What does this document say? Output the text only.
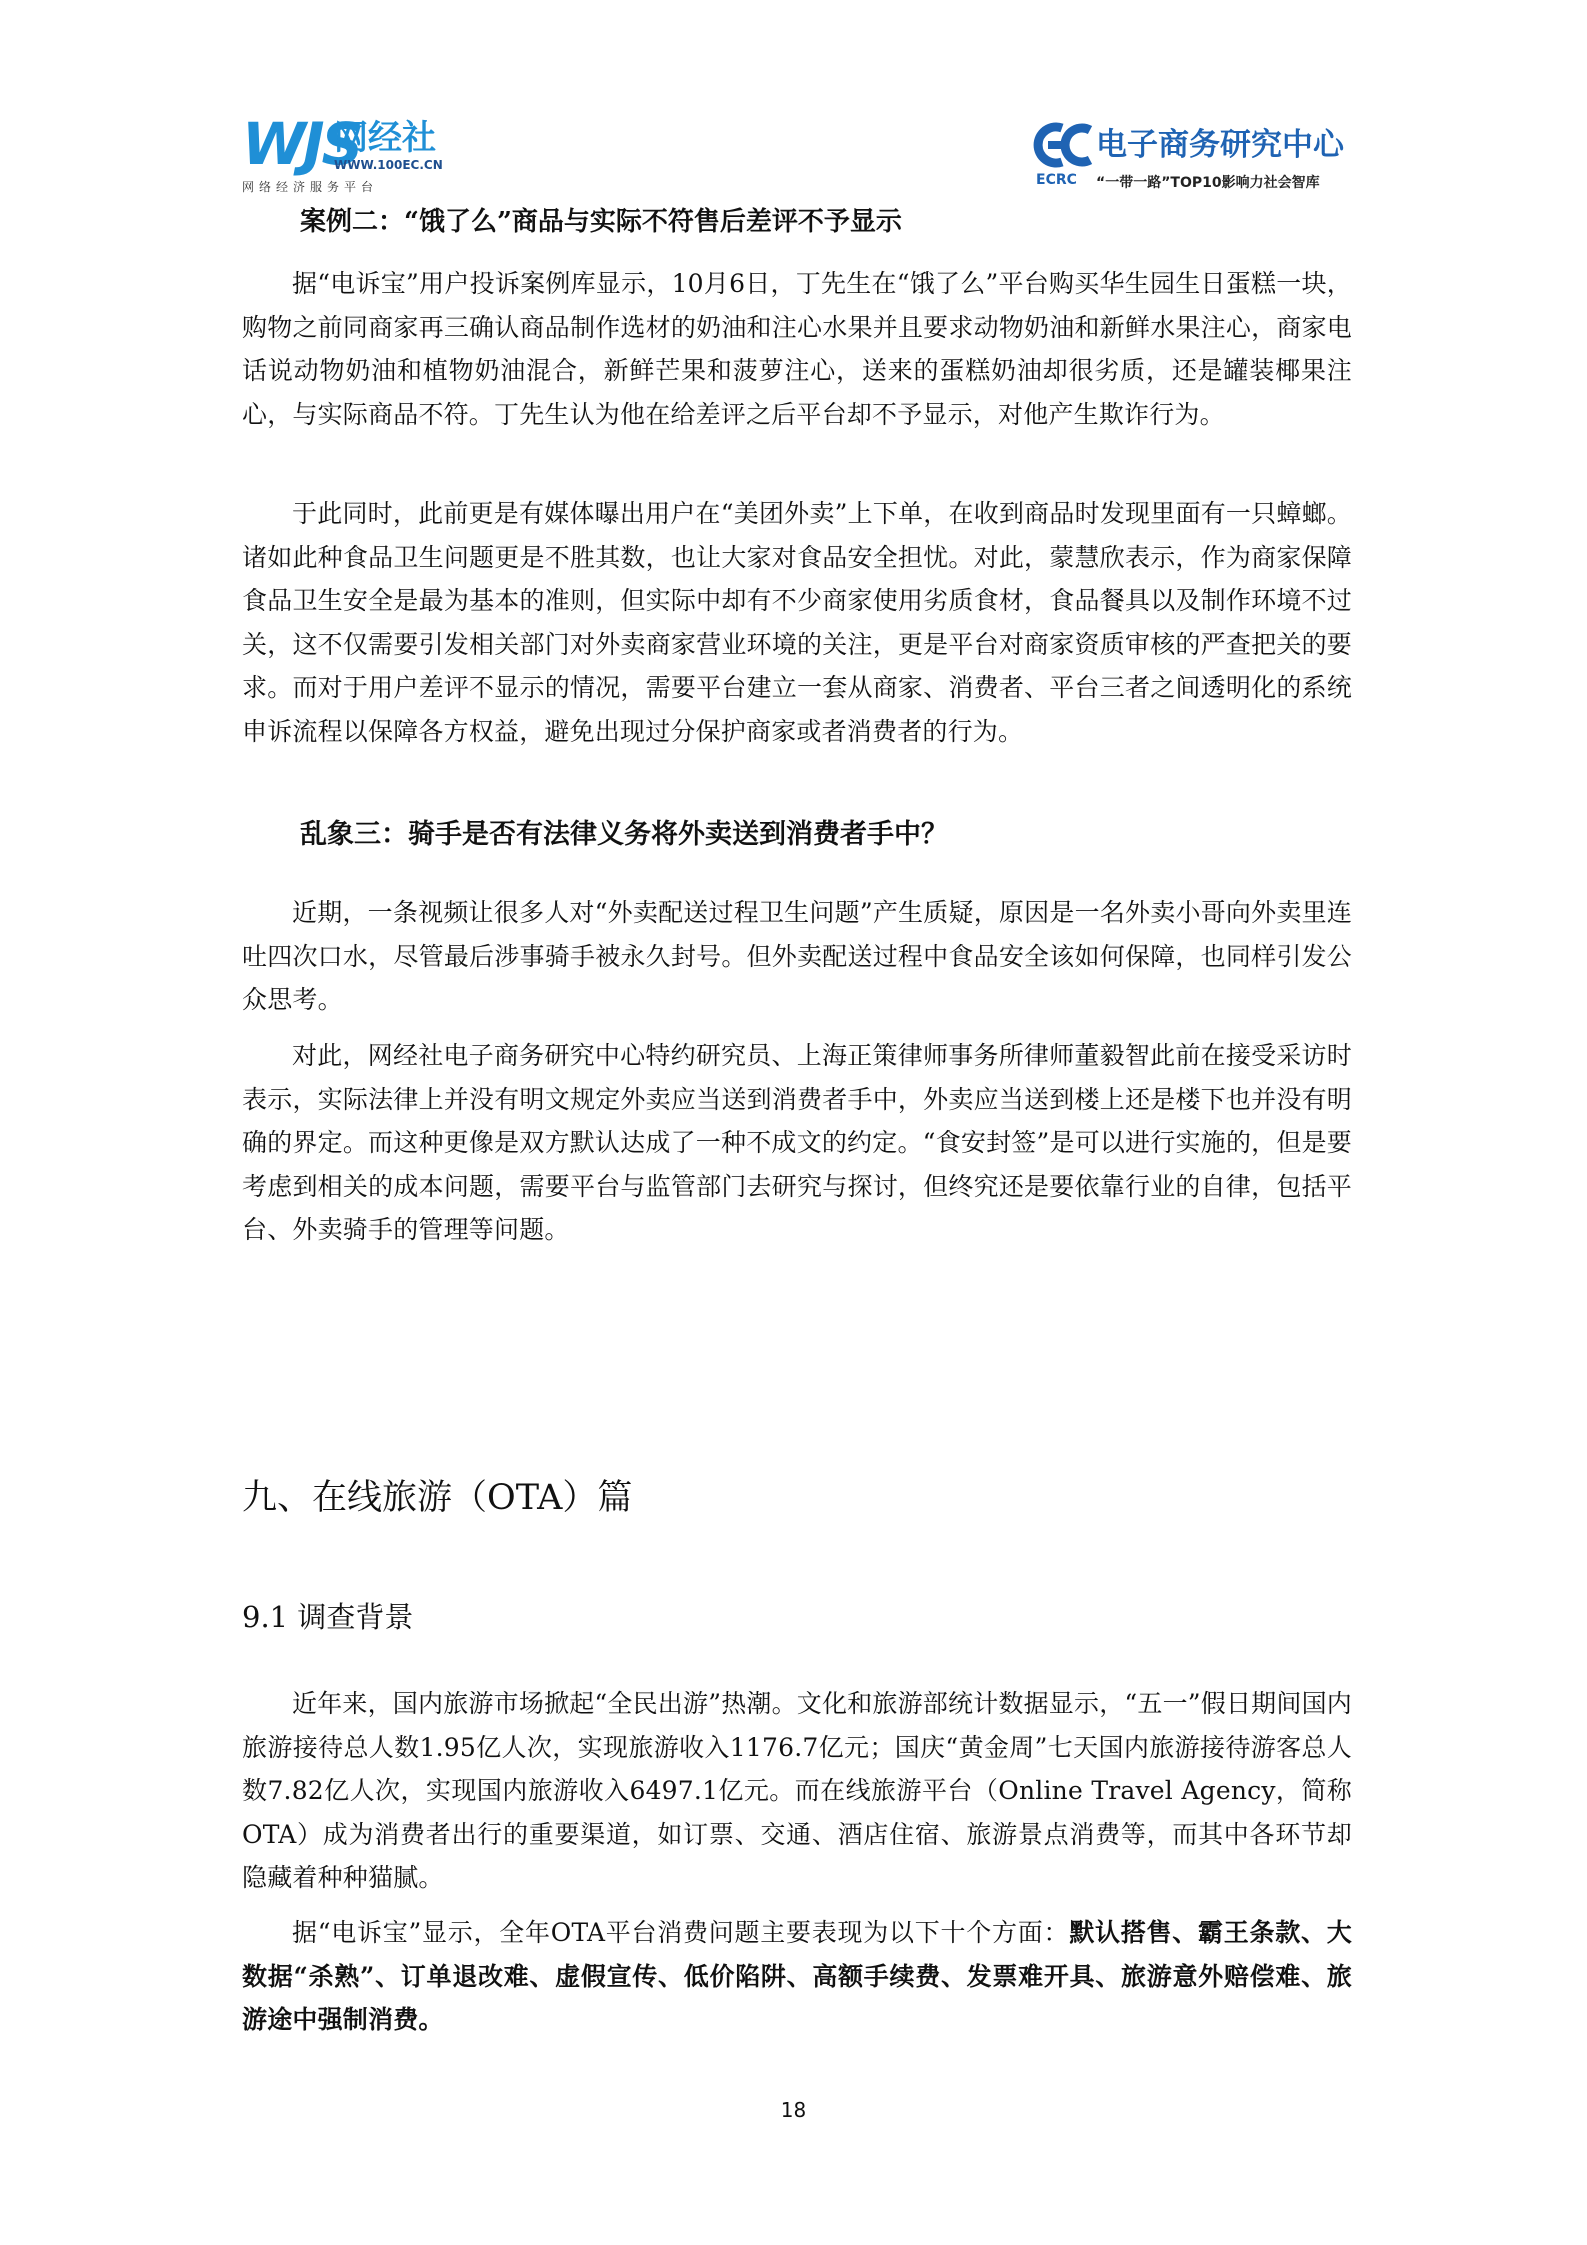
WJS
网经社
WWW.100EC.CN
网络经济服务平台
电子商务研究中心
ECRC “一带一路”TOP10影响力社会智库
案例二：“饿了么”商品与实际不符售后差评不予显示

据“电诉宝”用户投诉案例库显示，10月6日，丁先生在“饿了么”平台购买华生园生日蛋糕一块，购物之前同商家再三确认商品制作选材的奶油和注心水果并且要求动物奶油和新鲜水果注心，商家电话说动物奶油和植物奶油混合，新鲜芒果和菠萝注心，送来的蛋糕奶油却很劣质，还是罐装椰果注心，与实际商品不符。丁先生认为他在给差评之后平台却不予显示，对他产生欺诈行为。

于此同时，此前更是有媒体曝出用户在“美团外卖”上下单，在收到商品时发现里面有一只蟑螂。诸如此种食品卫生问题更是不胜其数，也让大家对食品安全担忧。对此，蒙慧欣表示，作为商家保障食品卫生安全是最为基本的准则，但实际中却有不少商家使用劣质食材，食品餐具以及制作环境不过关，这不仅需要引发相关部门对外卖商家营业环境的关注，更是平台对商家资质审核的严查把关的要求。而对于用户差评不显示的情况，需要平台建立一套从商家、消费者、平台三者之间透明化的系统申诉流程以保障各方权益，避免出现过分保护商家或者消费者的行为。

乱象三：骑手是否有法律义务将外卖送到消费者手中？

近期，一条视频让很多人对“外卖配送过程卫生问题”产生质疑，原因是一名外卖小哥向外卖里连吐四次口水，尽管最后涉事骑手被永久封号。但外卖配送过程中食品安全该如何保障，也同样引发公众思考。

对此，网经社电子商务研究中心特约研究员、上海正策律师事务所律师董毅智此前在接受采访时表示，实际法律上并没有明文规定外卖应当送到消费者手中，外卖应当送到楼上还是楼下也并没有明确的界定。而这种更像是双方默认达成了一种不成文的约定。“食安封签”是可以进行实施的，但是要考虑到相关的成本问题，需要平台与监管部门去研究与探讨，但终究还是要依靠行业的自律，包括平台、外卖骑手的管理等问题。

九、在线旅游（OTA）篇
9.1 调查背景

近年来，国内旅游市场掀起“全民出游”热潮。文化和旅游部统计数据显示，“五一”假日期间国内旅游接待总人数1.95亿人次，实现旅游收入1176.7亿元；国庆“黄金周”七天国内旅游接待游客总人数7.82亿人次，实现国内旅游收入6497.1亿元。而在线旅游平台（Online Travel Agency，简称OTA）成为消费者出行的重要渠道，如订票、交通、酒店住宿、旅游景点消费等，而其中各环节却隐藏着种种猫腻。

据“电诉宝”显示，全年OTA平台消费问题主要表现为以下十个方面：默认搭售、霸王条款、大数据“杀熟”、订单退改难、虚假宣传、低价陷阱、高额手续费、发票难开具、旅游意外赔偿难、旅游途中强制消费。

18
